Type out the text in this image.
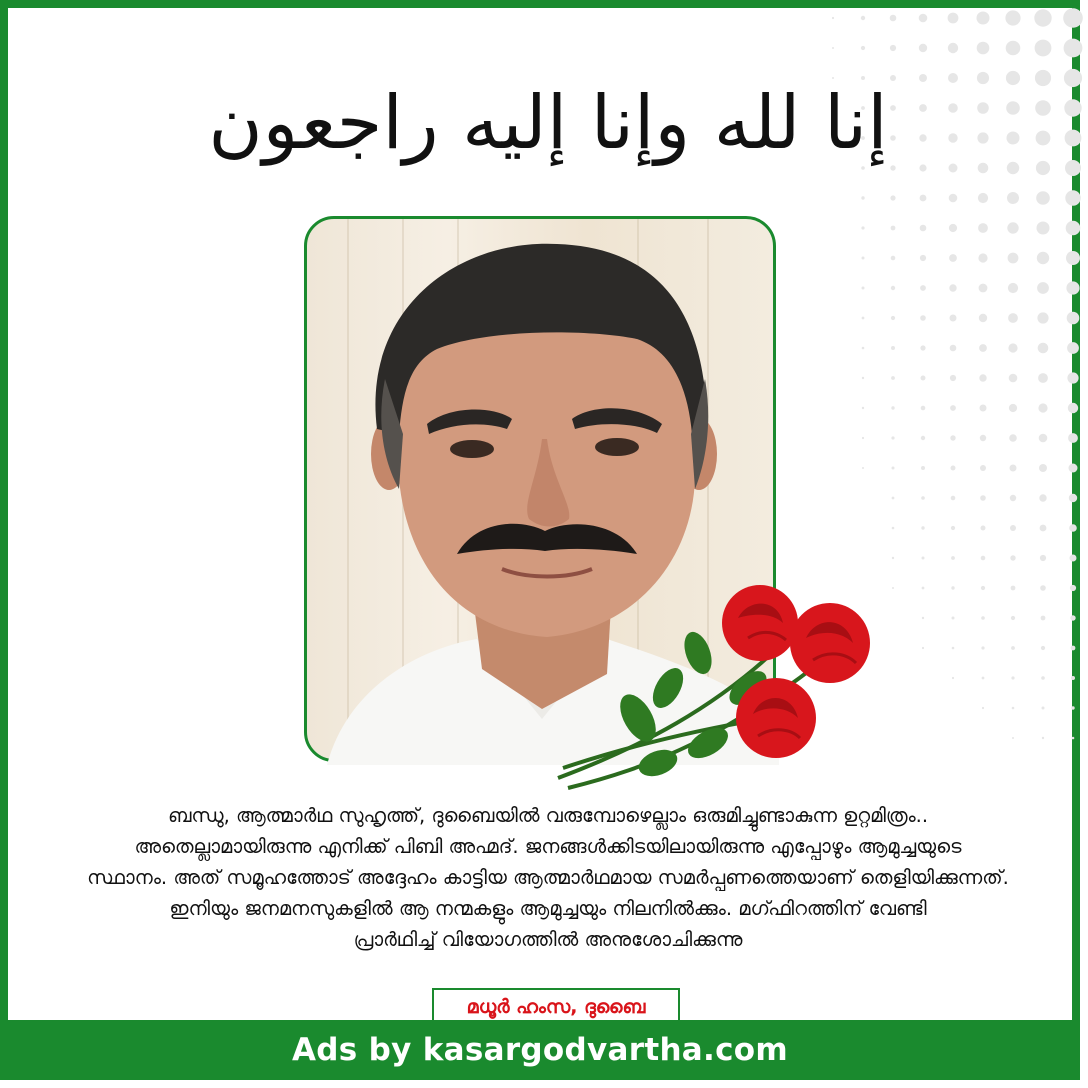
إنا لله وإنا إليه راجعون

ബന്ധു, ആത്മാർഥ സുഹൃത്ത്, ദുബൈയിൽ വരുമ്പോഴെല്ലാം ഒരുമിച്ചുണ്ടാകുന്ന ഉറ്റമിത്രം..

അതെല്ലാമായിരുന്നു എനിക്ക് പിബി അഹ്മദ്. ജനങ്ങൾക്കിടയിലായിരുന്നു എപ്പോഴും ആമുച്ചയുടെ

സ്ഥാനം. അത് സമൂഹത്തോട് അദ്ദേഹം കാട്ടിയ ആത്മാർഥമായ സമർപ്പണത്തെയാണ് തെളിയിക്കുന്നത്.

ഇനിയും ജനമനസുകളിൽ ആ നന്മകളും ആമുച്ചയും നിലനിൽക്കും. മഗ്ഫിറത്തിന് വേണ്ടി

പ്രാർഥിച്ച് വിയോഗത്തിൽ അനുശോചിക്കുന്നു

മധൂർ ഹംസ, ദുബൈ
Ads by kasargodvartha.com
